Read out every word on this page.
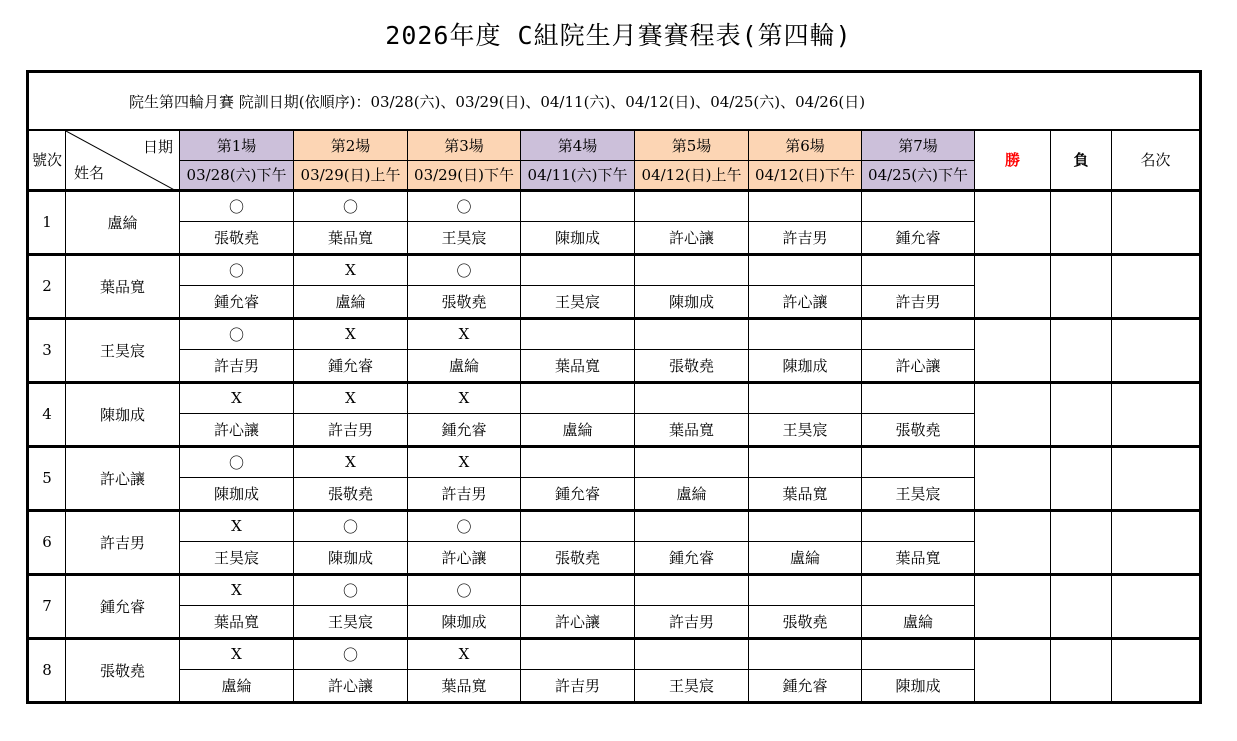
2026年度 C組院生月賽賽程表(第四輪)
院生第四輪月賽 院訓日期(依順序)：03/28(六)、03/29(日)、04/11(六)、04/12(日)、04/25(六)、04/26(日)											
號次	日期
姓名	第1場	第2場	第3場	第4場	第5場	第6場	第7場	勝	負	名次
		03/28(六)下午	03/29(日)上午	03/29(日)下午	04/11(六)下午	04/12(日)上午	04/12(日)下午	04/25(六)下午			
1	盧綸	〇	〇	〇							
		張敬堯	葉品寬	王昊宸	陳珈成	許心讓	許吉男	鍾允睿			
2	葉品寬	〇	X	〇							
		鍾允睿	盧綸	張敬堯	王昊宸	陳珈成	許心讓	許吉男			
3	王昊宸	〇	X	X							
		許吉男	鍾允睿	盧綸	葉品寬	張敬堯	陳珈成	許心讓			
4	陳珈成	X	X	X							
		許心讓	許吉男	鍾允睿	盧綸	葉品寬	王昊宸	張敬堯			
5	許心讓	〇	X	X							
		陳珈成	張敬堯	許吉男	鍾允睿	盧綸	葉品寬	王昊宸			
6	許吉男	X	〇	〇							
		王昊宸	陳珈成	許心讓	張敬堯	鍾允睿	盧綸	葉品寬			
7	鍾允睿	X	〇	〇							
		葉品寬	王昊宸	陳珈成	許心讓	許吉男	張敬堯	盧綸			
8	張敬堯	X	〇	X							
		盧綸	許心讓	葉品寬	許吉男	王昊宸	鍾允睿	陳珈成			
